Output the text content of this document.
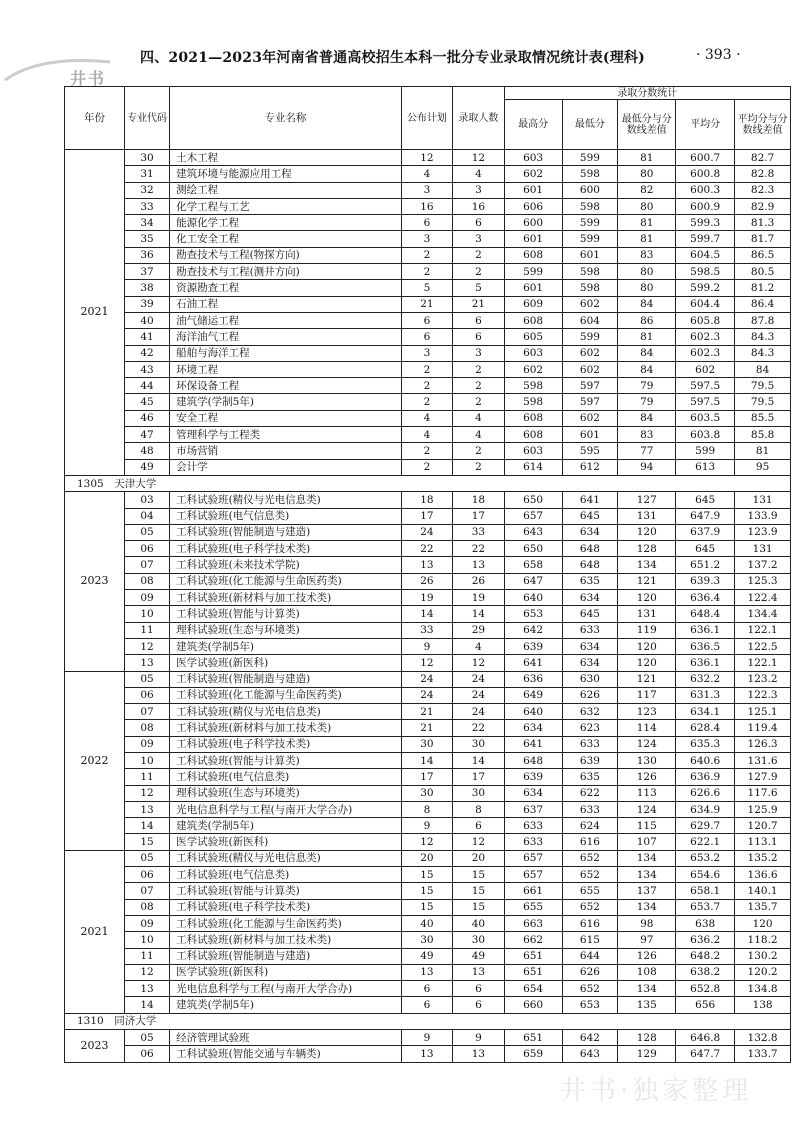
井书
四、2021—2023年河南省普通高校招生本科一批分专业录取情况统计表(理科)	· 393 ·
年份	专业代码	专业名称	公布计划	录取人数	录取分数统计				
					最高分	最低分	最低分与分数线差值	平均分	平均分与分数线差值
2021	30	土木工程	12	12	603	599	81	600.7	82.7
	31	建筑环境与能源应用工程	4	4	602	598	80	600.8	82.8
	32	测绘工程	3	3	601	600	82	600.3	82.3
	33	化学工程与工艺	16	16	606	598	80	600.9	82.9
	34	能源化学工程	6	6	600	599	81	599.3	81.3
	35	化工安全工程	3	3	601	599	81	599.7	81.7
	36	勘查技术与工程(物探方向)	2	2	608	601	83	604.5	86.5
	37	勘查技术与工程(测井方向)	2	2	599	598	80	598.5	80.5
	38	资源勘查工程	5	5	601	598	80	599.2	81.2
	39	石油工程	21	21	609	602	84	604.4	86.4
	40	油气储运工程	6	6	608	604	86	605.8	87.8
	41	海洋油气工程	6	6	605	599	81	602.3	84.3
	42	船舶与海洋工程	3	3	603	602	84	602.3	84.3
	43	环境工程	2	2	602	602	84	602	84
	44	环保设备工程	2	2	598	597	79	597.5	79.5
	45	建筑学(学制5年)	2	2	598	597	79	597.5	79.5
	46	安全工程	4	4	608	602	84	603.5	85.5
	47	管理科学与工程类	4	4	608	601	83	603.8	85.8
	48	市场营销	2	2	603	595	77	599	81
	49	会计学	2	2	614	612	94	613	95
1305　天津大学									
2023	03	工科试验班(精仪与光电信息类)	18	18	650	641	127	645	131
	04	工科试验班(电气信息类)	17	17	657	645	131	647.9	133.9
	05	工科试验班(智能制造与建造)	24	33	643	634	120	637.9	123.9
	06	工科试验班(电子科学技术类)	22	22	650	648	128	645	131
	07	工科试验班(未来技术学院)	13	13	658	648	134	651.2	137.2
	08	工科试验班(化工能源与生命医药类)	26	26	647	635	121	639.3	125.3
	09	工科试验班(新材料与加工技术类)	19	19	640	634	120	636.4	122.4
	10	工科试验班(智能与计算类)	14	14	653	645	131	648.4	134.4
	11	理科试验班(生态与环境类)	33	29	642	633	119	636.1	122.1
	12	建筑类(学制5年)	9	4	639	634	120	636.5	122.5
	13	医学试验班(新医科)	12	12	641	634	120	636.1	122.1
2022	05	工科试验班(智能制造与建造)	24	24	636	630	121	632.2	123.2
	06	工科试验班(化工能源与生命医药类)	24	24	649	626	117	631.3	122.3
	07	工科试验班(精仪与光电信息类)	21	24	640	632	123	634.1	125.1
	08	工科试验班(新材料与加工技术类)	21	22	634	623	114	628.4	119.4
	09	工科试验班(电子科学技术类)	30	30	641	633	124	635.3	126.3
	10	工科试验班(智能与计算类)	14	14	648	639	130	640.6	131.6
	11	工科试验班(电气信息类)	17	17	639	635	126	636.9	127.9
	12	理科试验班(生态与环境类)	30	30	634	622	113	626.6	117.6
	13	光电信息科学与工程(与南开大学合办)	8	8	637	633	124	634.9	125.9
	14	建筑类(学制5年)	9	6	633	624	115	629.7	120.7
	15	医学试验班(新医科)	12	12	633	616	107	622.1	113.1
2021	05	工科试验班(精仪与光电信息类)	20	20	657	652	134	653.2	135.2
	06	工科试验班(电气信息类)	15	15	657	652	134	654.6	136.6
	07	工科试验班(智能与计算类)	15	15	661	655	137	658.1	140.1
	08	工科试验班(电子科学技术类)	15	15	655	652	134	653.7	135.7
	09	工科试验班(化工能源与生命医药类)	40	40	663	616	98	638	120
	10	工科试验班(新材料与加工技术类)	30	30	662	615	97	636.2	118.2
	11	工科试验班(智能制造与建造)	49	49	651	644	126	648.2	130.2
	12	医学试验班(新医科)	13	13	651	626	108	638.2	120.2
	13	光电信息科学与工程(与南开大学合办)	6	6	654	652	134	652.8	134.8
	14	建筑类(学制5年)	6	6	660	653	135	656	138
1310　同济大学									
2023	05	经济管理试验班	9	9	651	642	128	646.8	132.8
	06	工科试验班(智能交通与车辆类)	13	13	659	643	129	647.7	133.7
井书·独家整理
